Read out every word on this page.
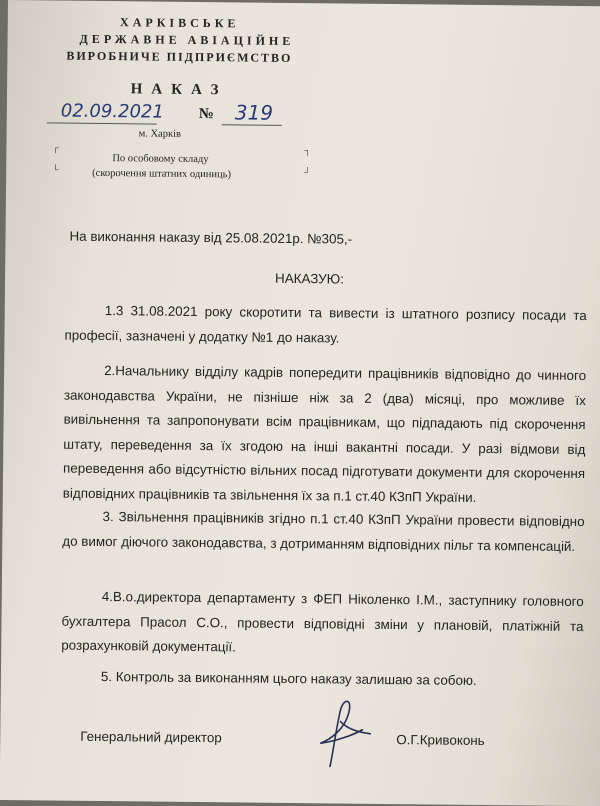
ХАРКІВСЬКЕ
ДЕРЖАВНЕ АВІАЦІЙНЕ
ВИРОБНИЧЕ ПІДПРИЄМСТВО
НАКАЗ
02.09.2021 № 319
м. Харків
┌	┐
По особовому складу
└	(скорочення штатних одиниць)	┘
На виконання наказу від 25.08.2021р. №305,-
НАКАЗУЮ:
1.3 31.08.2021 року скоротити та вивести із штатного розпису посади та професії, зазначені у додатку №1 до наказу.
2.Начальнику відділу кадрів попередити працівників відповідно до чинного законодавства України, не пізніше ніж за 2 (два) місяці, про можливе їх вивільнення та запропонувати всім працівникам, що підпадають під скорочення штату, переведення за їх згодою на інші вакантні посади. У разі відмови від переведення або відсутністю вільних посад підготувати документи для скорочення відповідних працівників та звільнення їх за п.1 ст.40 КЗпП України.
3. Звільнення працівників згідно п.1 ст.40 КЗпП України провести відповідно до вимог діючого законодавства, з дотриманням відповідних пільг та компенсацій.
4.В.о.директора департаменту з ФЕП Ніколенко І.М., заступнику головного бухгалтера Прасол С.О., провести відповідні зміни у плановій, платіжній та розрахунковій документації.
5. Контроль за виконанням цього наказу залишаю за собою.
Генеральний директор	О.Г.Кривоконь
